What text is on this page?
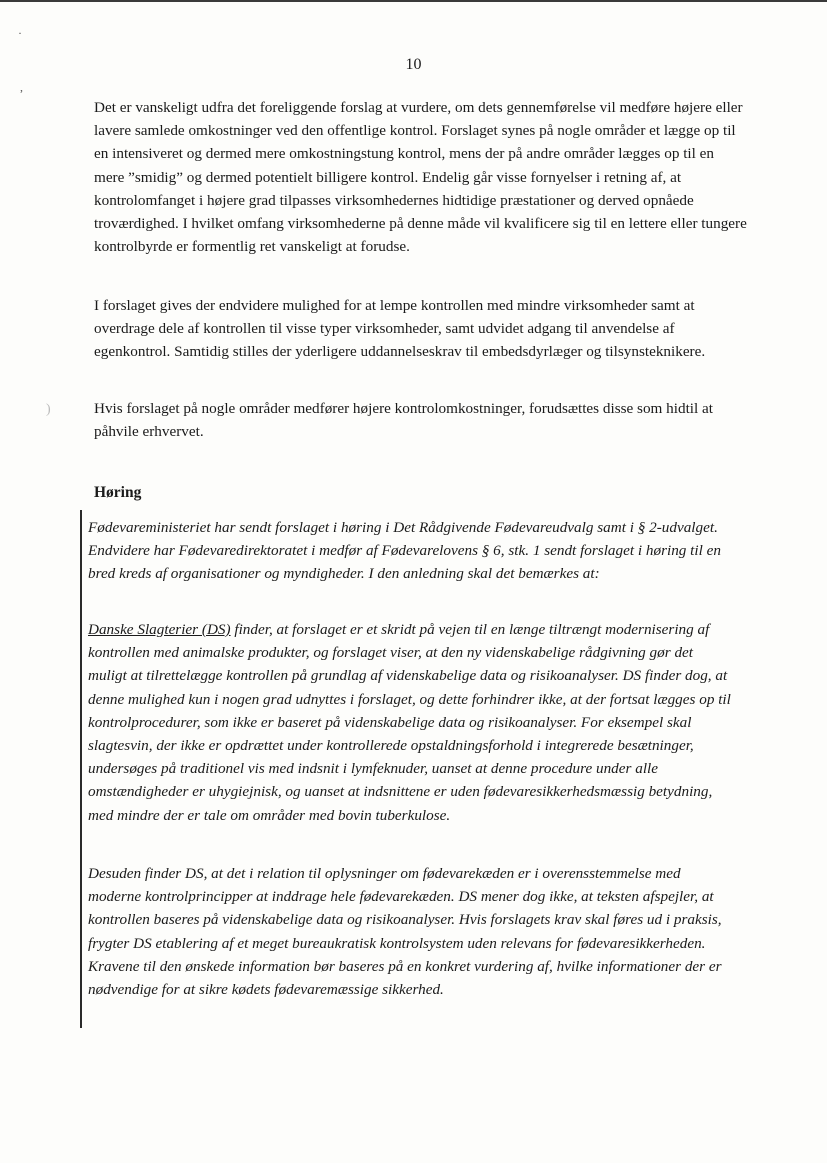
·
,
)
10

Det er vanskeligt udfra det foreliggende forslag at vurdere, om dets gennemførelse vil medføre højere eller lavere samlede omkostninger ved den offentlige kontrol. Forslaget synes på nogle områder et lægge op til en intensiveret og dermed mere omkostningstung kontrol, mens der på andre områder lægges op til en mere ”smidig” og dermed potentielt billigere kontrol. Endelig går visse fornyelser i retning af, at kontrolomfanget i højere grad tilpasses virksomhedernes hidtidige præstationer og derved opnåede troværdighed. I hvilket omfang virksomhederne på denne måde vil kvalificere sig til en lettere eller tungere kontrolbyrde er formentlig ret vanskeligt at forudse.

I forslaget gives der endvidere mulighed for at lempe kontrollen med mindre virksomheder samt at overdrage dele af kontrollen til visse typer virksomheder, samt udvidet adgang til anvendelse af egenkontrol. Samtidig stilles der yderligere uddannelseskrav til embedsdyrlæger og tilsynsteknikere.

Hvis forslaget på nogle områder medfører højere kontrolomkostninger, forudsættes disse som hidtil at påhvile erhvervet.

Høring

Fødevareministeriet har sendt forslaget i høring i Det Rådgivende Fødevareudvalg samt i § 2-udvalget. Endvidere har Fødevaredirektoratet i medfør af Fødevarelovens § 6, stk. 1 sendt forslaget i høring til en bred kreds af organisationer og myndigheder. I den anledning skal det bemærkes at:

Danske Slagterier (DS) finder, at forslaget er et skridt på vejen til en længe tiltrængt modernisering af kontrollen med animalske produkter, og forslaget viser, at den ny videnskabelige rådgivning gør det muligt at tilrettelægge kontrollen på grundlag af videnskabelige data og risikoanalyser. DS finder dog, at denne mulighed kun i nogen grad udnyttes i forslaget, og dette forhindrer ikke, at der fortsat lægges op til kontrolprocedurer, som ikke er baseret på videnskabelige data og risikoanalyser. For eksempel skal slagtesvin, der ikke er opdrættet under kontrollerede opstaldningsforhold i integrerede besætninger, undersøges på traditionel vis med indsnit i lymfeknuder, uanset at denne procedure under alle omstændigheder er uhygiejnisk, og uanset at indsnittene er uden fødevaresikkerhedsmæssig betydning, med mindre der er tale om områder med bovin tuberkulose.

Desuden finder DS, at det i relation til oplysninger om fødevarekæden er i overensstemmelse med moderne kontrolprincipper at inddrage hele fødevarekæden. DS mener dog ikke, at teksten afspejler, at kontrollen baseres på videnskabelige data og risikoanalyser. Hvis forslagets krav skal føres ud i praksis, frygter DS etablering af et meget bureaukratisk kontrolsystem uden relevans for fødevaresikkerheden. Kravene til den ønskede information bør baseres på en konkret vurdering af, hvilke informationer der er nødvendige for at sikre kødets fødevaremæssige sikkerhed.
